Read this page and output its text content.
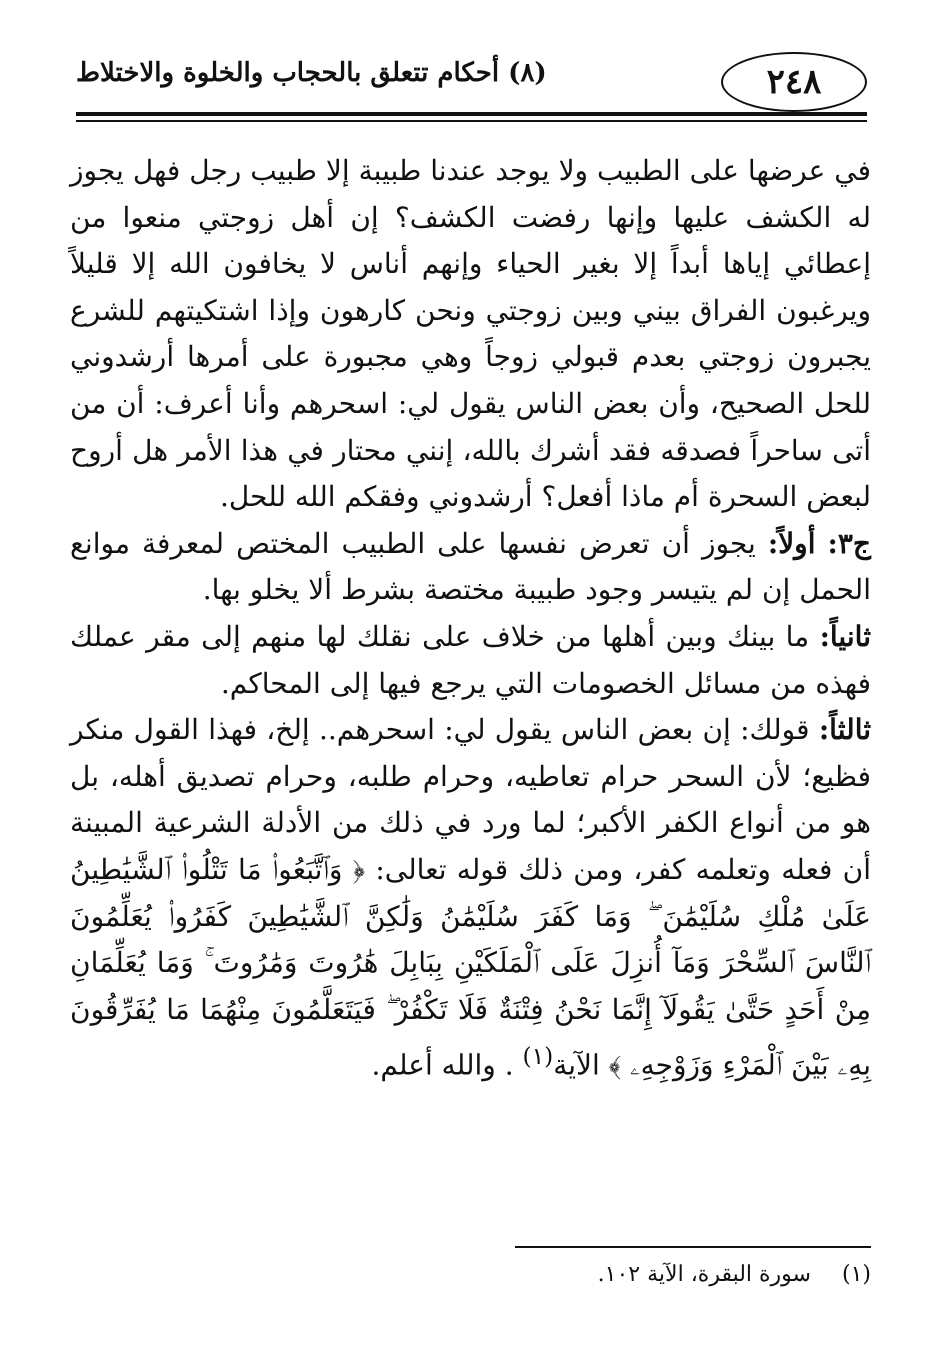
٢٤٨
(٨) أحكام تتعلق بالحجاب والخلوة والاختلاط

في عرضها على الطبيب ولا يوجد عندنا طبيبة إلا طبيب رجل فهل يجوز له الكشف عليها وإنها رفضت الكشف؟ إن أهل زوجتي منعوا من إعطائي إياها أبداً إلا بغير الحياء وإنهم أناس لا يخافون الله إلا قليلاً ويرغبون الفراق بيني وبين زوجتي ونحن كارهون وإذا اشتكيتهم للشرع يجبرون زوجتي بعدم قبولي زوجاً وهي مجبورة على أمرها أرشدوني للحل الصحيح، وأن بعض الناس يقول لي: اسحرهم وأنا أعرف: أن من أتى ساحراً فصدقه فقد أشرك بالله، إنني محتار في هذا الأمر هل أروح لبعض السحرة أم ماذا أفعل؟ أرشدوني وفقكم الله للحل.

ج٣: أولاً: يجوز أن تعرض نفسها على الطبيب المختص لمعرفة موانع الحمل إن لم يتيسر وجود طبيبة مختصة بشرط ألا يخلو بها.

ثانياً: ما بينك وبين أهلها من خلاف على نقلك لها منهم إلى مقر عملك فهذه من مسائل الخصومات التي يرجع فيها إلى المحاكم.

ثالثاً: قولك: إن بعض الناس يقول لي: اسحرهم.. إلخ، فهذا القول منكر فظيع؛ لأن السحر حرام تعاطيه، وحرام طلبه، وحرام تصديق أهله، بل هو من أنواع الكفر الأكبر؛ لما ورد في ذلك من الأدلة الشرعية المبينة أن فعله وتعلمه كفر، ومن ذلك قوله تعالى: ﴿ وَٱتَّبَعُوا۟ مَا تَتْلُوا۟ ٱلشَّيَٰطِينُ عَلَىٰ مُلْكِ سُلَيْمَٰنَ ۖ وَمَا كَفَرَ سُلَيْمَٰنُ وَلَٰكِنَّ ٱلشَّيَٰطِينَ كَفَرُوا۟ يُعَلِّمُونَ ٱلنَّاسَ ٱلسِّحْرَ وَمَآ أُنزِلَ عَلَى ٱلْمَلَكَيْنِ بِبَابِلَ هَٰرُوتَ وَمَٰرُوتَ ۚ وَمَا يُعَلِّمَانِ مِنْ أَحَدٍ حَتَّىٰ يَقُولَآ إِنَّمَا نَحْنُ فِتْنَةٌ فَلَا تَكْفُرْ ۖ فَيَتَعَلَّمُونَ مِنْهُمَا مَا يُفَرِّقُونَ بِهِۦ بَيْنَ ٱلْمَرْءِ وَزَوْجِهِۦ ﴾ الآية$^{(١)}$ . والله أعلم.

(١) سورة البقرة، الآية ١٠٢.
